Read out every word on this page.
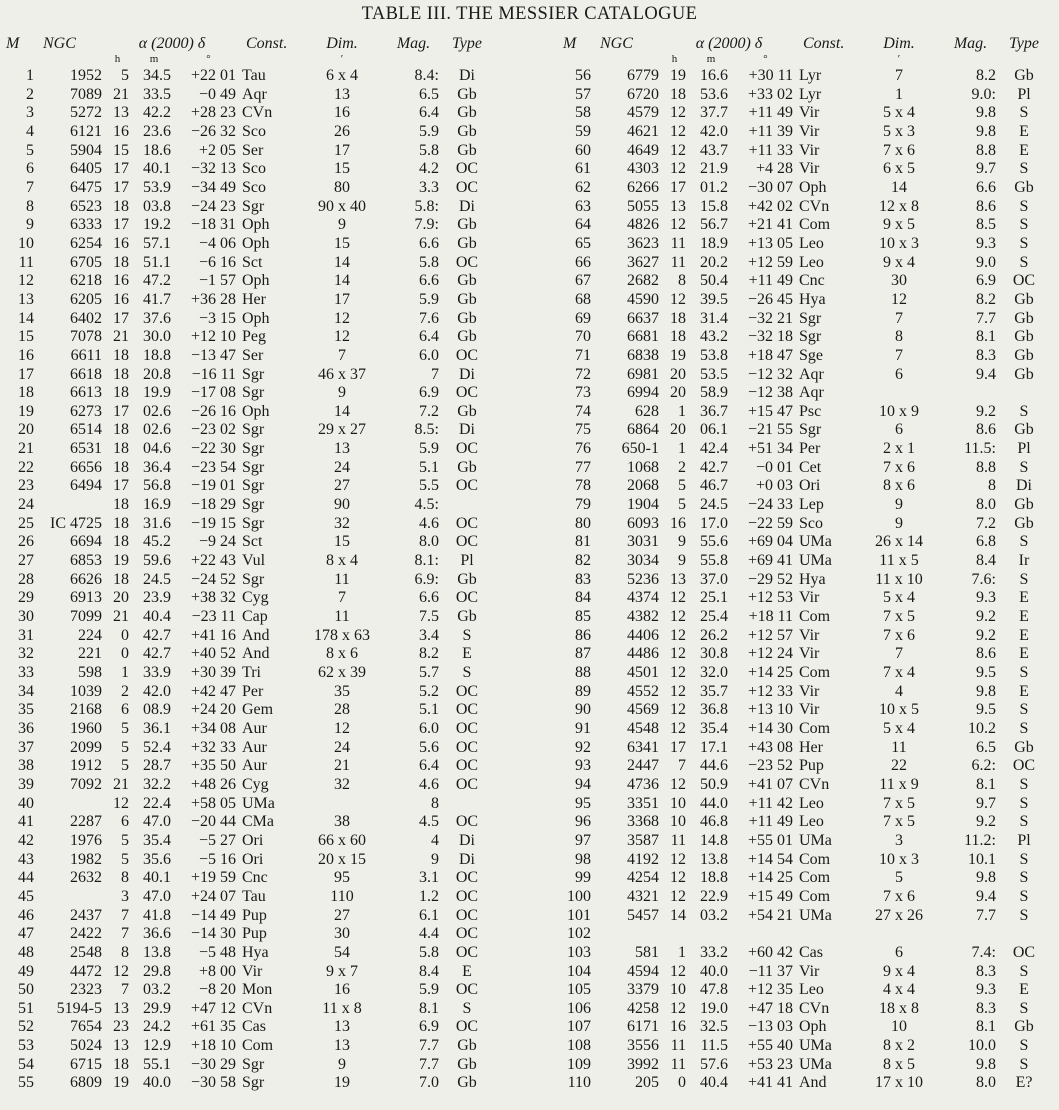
TABLE III. THE MESSIER CATALOGUE
M	NGC	α (2000) δ			Const.	Dim.	Mag.	Type
		h	m	°		′		
1	1952	5	34.5	+22 01	Tau	6 x 4	8.4:	Di
2	7089	21	33.5	−0 49	Aqr	13	6.5	Gb
3	5272	13	42.2	+28 23	CVn	16	6.4	Gb
4	6121	16	23.6	−26 32	Sco	26	5.9	Gb
5	5904	15	18.6	+2 05	Ser	17	5.8	Gb
6	6405	17	40.1	−32 13	Sco	15	4.2	OC
7	6475	17	53.9	−34 49	Sco	80	3.3	OC
8	6523	18	03.8	−24 23	Sgr	90 x 40	5.8:	Di
9	6333	17	19.2	−18 31	Oph	9	7.9:	Gb
10	6254	16	57.1	−4 06	Oph	15	6.6	Gb
11	6705	18	51.1	−6 16	Sct	14	5.8	OC
12	6218	16	47.2	−1 57	Oph	14	6.6	Gb
13	6205	16	41.7	+36 28	Her	17	5.9	Gb
14	6402	17	37.6	−3 15	Oph	12	7.6	Gb
15	7078	21	30.0	+12 10	Peg	12	6.4	Gb
16	6611	18	18.8	−13 47	Ser	7	6.0	OC
17	6618	18	20.8	−16 11	Sgr	46 x 37	7	Di
18	6613	18	19.9	−17 08	Sgr	9	6.9	OC
19	6273	17	02.6	−26 16	Oph	14	7.2	Gb
20	6514	18	02.6	−23 02	Sgr	29 x 27	8.5:	Di
21	6531	18	04.6	−22 30	Sgr	13	5.9	OC
22	6656	18	36.4	−23 54	Sgr	24	5.1	Gb
23	6494	17	56.8	−19 01	Sgr	27	5.5	OC
24		18	16.9	−18 29	Sgr	90	4.5:	
25	IC 4725	18	31.6	−19 15	Sgr	32	4.6	OC
26	6694	18	45.2	−9 24	Sct	15	8.0	OC
27	6853	19	59.6	+22 43	Vul	8 x 4	8.1:	Pl
28	6626	18	24.5	−24 52	Sgr	11	6.9:	Gb
29	6913	20	23.9	+38 32	Cyg	7	6.6	OC
30	7099	21	40.4	−23 11	Cap	11	7.5	Gb
31	224	0	42.7	+41 16	And	178 x 63	3.4	S
32	221	0	42.7	+40 52	And	8 x 6	8.2	E
33	598	1	33.9	+30 39	Tri	62 x 39	5.7	S
34	1039	2	42.0	+42 47	Per	35	5.2	OC
35	2168	6	08.9	+24 20	Gem	28	5.1	OC
36	1960	5	36.1	+34 08	Aur	12	6.0	OC
37	2099	5	52.4	+32 33	Aur	24	5.6	OC
38	1912	5	28.7	+35 50	Aur	21	6.4	OC
39	7092	21	32.2	+48 26	Cyg	32	4.6	OC
40		12	22.4	+58 05	UMa		8	
41	2287	6	47.0	−20 44	CMa	38	4.5	OC
42	1976	5	35.4	−5 27	Ori	66 x 60	4	Di
43	1982	5	35.6	−5 16	Ori	20 x 15	9	Di
44	2632	8	40.1	+19 59	Cnc	95	3.1	OC
45		3	47.0	+24 07	Tau	110	1.2	OC
46	2437	7	41.8	−14 49	Pup	27	6.1	OC
47	2422	7	36.6	−14 30	Pup	30	4.4	OC
48	2548	8	13.8	−5 48	Hya	54	5.8	OC
49	4472	12	29.8	+8 00	Vir	9 x 7	8.4	E
50	2323	7	03.2	−8 20	Mon	16	5.9	OC
51	5194-5	13	29.9	+47 12	CVn	11 x 8	8.1	S
52	7654	23	24.2	+61 35	Cas	13	6.9	OC
53	5024	13	12.9	+18 10	Com	13	7.7	Gb
54	6715	18	55.1	−30 29	Sgr	9	7.7	Gb
55	6809	19	40.0	−30 58	Sgr	19	7.0	Gb
M	NGC	α (2000) δ			Const.	Dim.	Mag.	Type
		h	m	°		′		
56	6779	19	16.6	+30 11	Lyr	7	8.2	Gb
57	6720	18	53.6	+33 02	Lyr	1	9.0:	Pl
58	4579	12	37.7	+11 49	Vir	5 x 4	9.8	S
59	4621	12	42.0	+11 39	Vir	5 x 3	9.8	E
60	4649	12	43.7	+11 33	Vir	7 x 6	8.8	E
61	4303	12	21.9	+4 28	Vir	6 x 5	9.7	S
62	6266	17	01.2	−30 07	Oph	14	6.6	Gb
63	5055	13	15.8	+42 02	CVn	12 x 8	8.6	S
64	4826	12	56.7	+21 41	Com	9 x 5	8.5	S
65	3623	11	18.9	+13 05	Leo	10 x 3	9.3	S
66	3627	11	20.2	+12 59	Leo	9 x 4	9.0	S
67	2682	8	50.4	+11 49	Cnc	30	6.9	OC
68	4590	12	39.5	−26 45	Hya	12	8.2	Gb
69	6637	18	31.4	−32 21	Sgr	7	7.7	Gb
70	6681	18	43.2	−32 18	Sgr	8	8.1	Gb
71	6838	19	53.8	+18 47	Sge	7	8.3	Gb
72	6981	20	53.5	−12 32	Aqr	6	9.4	Gb
73	6994	20	58.9	−12 38	Aqr			
74	628	1	36.7	+15 47	Psc	10 x 9	9.2	S
75	6864	20	06.1	−21 55	Sgr	6	8.6	Gb
76	650-1	1	42.4	+51 34	Per	2 x 1	11.5:	Pl
77	1068	2	42.7	−0 01	Cet	7 x 6	8.8	S
78	2068	5	46.7	+0 03	Ori	8 x 6	8	Di
79	1904	5	24.5	−24 33	Lep	9	8.0	Gb
80	6093	16	17.0	−22 59	Sco	9	7.2	Gb
81	3031	9	55.6	+69 04	UMa	26 x 14	6.8	S
82	3034	9	55.8	+69 41	UMa	11 x 5	8.4	Ir
83	5236	13	37.0	−29 52	Hya	11 x 10	7.6:	S
84	4374	12	25.1	+12 53	Vir	5 x 4	9.3	E
85	4382	12	25.4	+18 11	Com	7 x 5	9.2	E
86	4406	12	26.2	+12 57	Vir	7 x 6	9.2	E
87	4486	12	30.8	+12 24	Vir	7	8.6	E
88	4501	12	32.0	+14 25	Com	7 x 4	9.5	S
89	4552	12	35.7	+12 33	Vir	4	9.8	E
90	4569	12	36.8	+13 10	Vir	10 x 5	9.5	S
91	4548	12	35.4	+14 30	Com	5 x 4	10.2	S
92	6341	17	17.1	+43 08	Her	11	6.5	Gb
93	2447	7	44.6	−23 52	Pup	22	6.2:	OC
94	4736	12	50.9	+41 07	CVn	11 x 9	8.1	S
95	3351	10	44.0	+11 42	Leo	7 x 5	9.7	S
96	3368	10	46.8	+11 49	Leo	7 x 5	9.2	S
97	3587	11	14.8	+55 01	UMa	3	11.2:	Pl
98	4192	12	13.8	+14 54	Com	10 x 3	10.1	S
99	4254	12	18.8	+14 25	Com	5	9.8	S
100	4321	12	22.9	+15 49	Com	7 x 6	9.4	S
101	5457	14	03.2	+54 21	UMa	27 x 26	7.7	S
102								
103	581	1	33.2	+60 42	Cas	6	7.4:	OC
104	4594	12	40.0	−11 37	Vir	9 x 4	8.3	S
105	3379	10	47.8	+12 35	Leo	4 x 4	9.3	E
106	4258	12	19.0	+47 18	CVn	18 x 8	8.3	S
107	6171	16	32.5	−13 03	Oph	10	8.1	Gb
108	3556	11	11.5	+55 40	UMa	8 x 2	10.0	S
109	3992	11	57.6	+53 23	UMa	8 x 5	9.8	S
110	205	0	40.4	+41 41	And	17 x 10	8.0	E?
